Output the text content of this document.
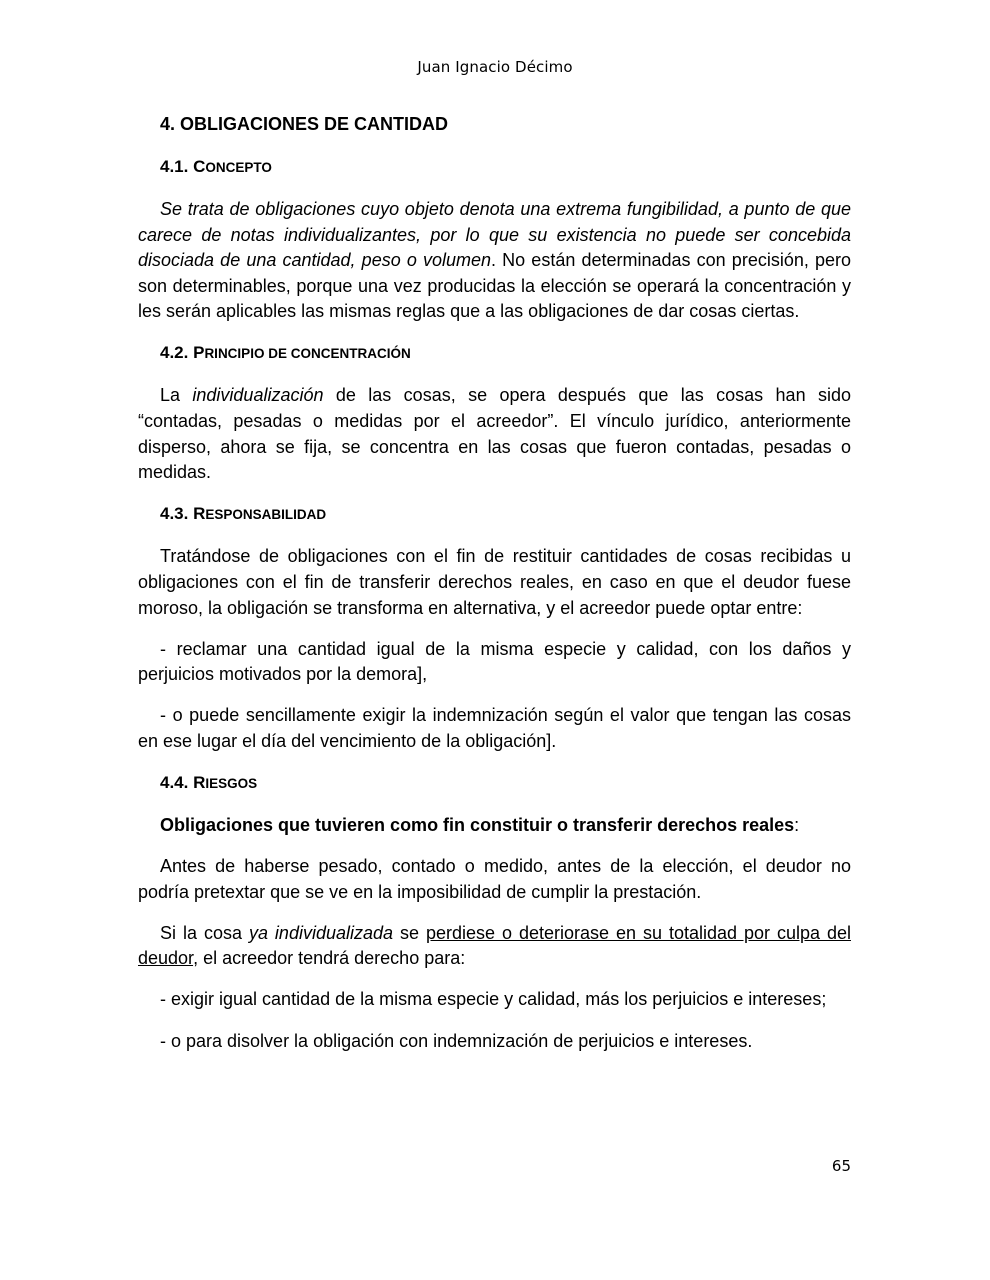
Juan Ignacio Décimo
4. OBLIGACIONES DE CANTIDAD
4.1. CONCEPTO

Se trata de obligaciones cuyo objeto denota una extrema fungibilidad, a punto de que carece de notas individualizantes, por lo que su existencia no puede ser concebida disociada de una cantidad, peso o volumen. No están determinadas con precisión, pero son determinables, porque una vez producidas la elección se operará la concentración y les serán aplicables las mismas reglas que a las obligaciones de dar cosas ciertas.

4.2. PRINCIPIO DE CONCENTRACIÓN

La individualización de las cosas, se opera después que las cosas han sido “contadas, pesadas o medidas por el acreedor”. El vínculo jurídico, anteriormente disperso, ahora se fija, se concentra en las cosas que fueron contadas, pesadas o medidas.

4.3. RESPONSABILIDAD

Tratándose de obligaciones con el fin de restituir cantidades de cosas recibidas u obligaciones con el fin de transferir derechos reales, en caso en que el deudor fuese moroso, la obligación se transforma en alternativa, y el acreedor puede optar entre:

- reclamar una cantidad igual de la misma especie y calidad, con los daños y perjuicios motivados por la demora],

- o puede sencillamente exigir la indemnización según el valor que tengan las cosas en ese lugar el día del vencimiento de la obligación].

4.4. RIESGOS

Obligaciones que tuvieren como fin constituir o transferir derechos reales:

Antes de haberse pesado, contado o medido, antes de la elección, el deudor no podría pretextar que se ve en la imposibilidad de cumplir la prestación.

Si la cosa ya individualizada se perdiese o deteriorase en su totalidad por culpa del deudor, el acreedor tendrá derecho para:

- exigir igual cantidad de la misma especie y calidad, más los perjuicios e intereses;

- o para disolver la obligación con indemnización de perjuicios e intereses.

65
